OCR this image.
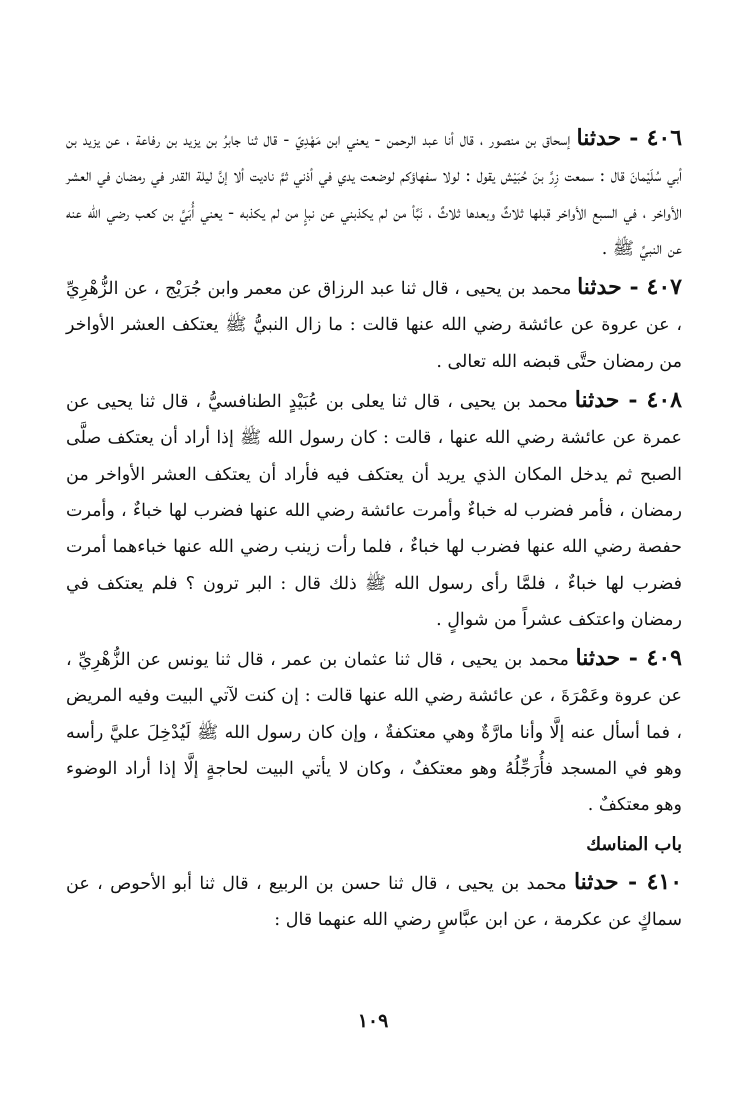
٤٠٦ - حدثنا إسحاق بن منصور ، قال أنا عبد الرحمن - يعني ابن مَهْدِيّ - قال ثنا جابرُ بن يزيد بن رفاعة ، عن يزيد بن أبي سُلَيْمانَ قال : سمعت زِرَّ بنَ حُبَيْش يقول : لولا سفهاؤكم لوضعت يدي في أذني ثمَّ ناديت ألا إنَّ ليلة القدر في رمضان في العشر الأواخر ، في السبع الأواخر قبلها ثلاثٌ وبعدها ثلاثٌ ، نَبَّأ من لم يكذبني عن نبإٍ من لم يكذبه - يعني أُبَيَّ بن كعب رضي الله عنه عن النبيِّ ﷺ .

٤٠٧ - حدثنا محمد بن يحيى ، قال ثنا عبد الرزاق عن معمر وابن جُرَيْج ، عن الزُّهْرِيِّ ، عن عروة عن عائشة رضي الله عنها قالت : ما زال النبيُّ ﷺ يعتكف العشر الأواخر من رمضان حتَّى قبضه الله تعالى .

٤٠٨ - حدثنا محمد بن يحيى ، قال ثنا يعلى بن عُبَيْدٍ الطنافسيُّ ، قال ثنا يحيى عن عمرة عن عائشة رضي الله عنها ، قالت : كان رسول الله ﷺ إذا أراد أن يعتكف صلَّى الصبح ثم يدخل المكان الذي يريد أن يعتكف فيه فأراد أن يعتكف العشر الأواخر من رمضان ، فأمر فضرب له خباءٌ وأمرت عائشة رضي الله عنها فضرب لها خباءٌ ، وأمرت حفصة رضي الله عنها فضرب لها خباءٌ ، فلما رأت زينب رضي الله عنها خباءهما أمرت فضرب لها خباءٌ ، فلمَّا رأى رسول الله ﷺ ذلك قال : البر ترون ؟ فلم يعتكف في رمضان واعتكف عشراً من شوالٍ .

٤٠٩ - حدثنا محمد بن يحيى ، قال ثنا عثمان بن عمر ، قال ثنا يونس عن الزُّهْرِيِّ ، عن عروة وعَمْرَةَ ، عن عائشة رضي الله عنها قالت : إن كنت لآتي البيت وفيه المريض ، فما أسأل عنه إلَّا وأنا مارَّةٌ وهي معتكفةٌ ، وإن كان رسول الله ﷺ لَيُدْخِلَ عليَّ رأسه وهو في المسجد فأُرَجِّلُهُ وهو معتكفٌ ، وكان لا يأتي البيت لحاجةٍ إلَّا إذا أراد الوضوء وهو معتكفٌ .

باب المناسك

٤١٠ - حدثنا محمد بن يحيى ، قال ثنا حسن بن الربيع ، قال ثنا أبو الأحوص ، عن سماكٍ عن عكرمة ، عن ابن عبَّاسٍ رضي الله عنهما قال :

١٠٩
